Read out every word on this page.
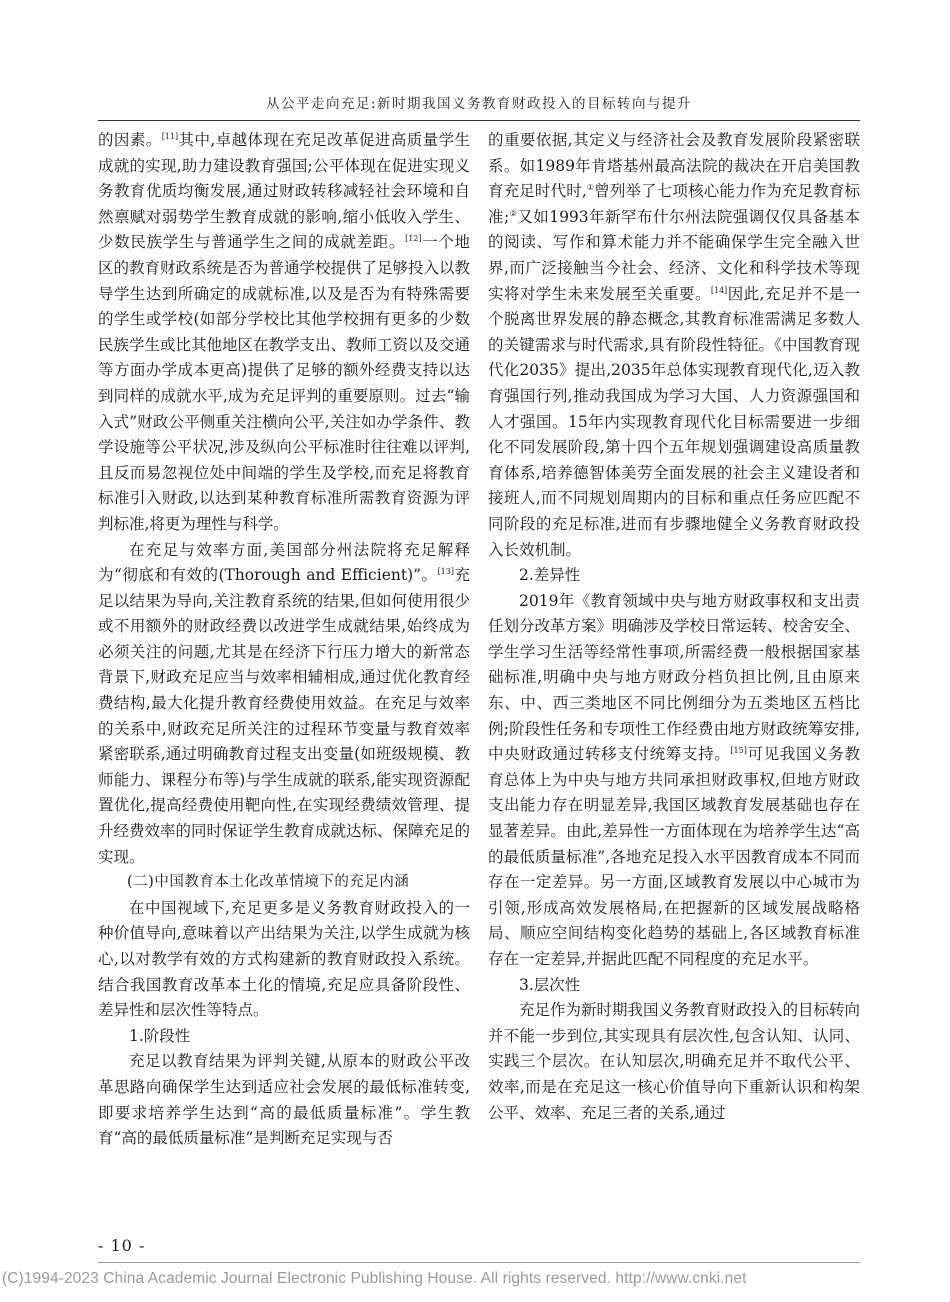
从公平走向充足:新时期我国义务教育财政投入的目标转向与提升

的因素。[11]其中,卓越体现在充足改革促进高质量学生成就的实现,助力建设教育强国;公平体现在促进实现义务教育优质均衡发展,通过财政转移减轻社会环境和自然禀赋对弱势学生教育成就的影响,缩小低收入学生、少数民族学生与普通学生之间的成就差距。[12]一个地区的教育财政系统是否为普通学校提供了足够投入以教导学生达到所确定的成就标准,以及是否为有特殊需要的学生或学校(如部分学校比其他学校拥有更多的少数民族学生或比其他地区在教学支出、教师工资以及交通等方面办学成本更高)提供了足够的额外经费支持以达到同样的成就水平,成为充足评判的重要原则。过去“输入式”财政公平侧重关注横向公平,关注如办学条件、教学设施等公平状况,涉及纵向公平标准时往往难以评判,且反而易忽视位处中间端的学生及学校,而充足将教育标准引入财政,以达到某种教育标准所需教育资源为评判标准,将更为理性与科学。

在充足与效率方面,美国部分州法院将充足解释为“彻底和有效的(Thorough and Efficient)”。[13]充足以结果为导向,关注教育系统的结果,但如何使用很少或不用额外的财政经费以改进学生成就结果,始终成为必须关注的问题,尤其是在经济下行压力增大的新常态背景下,财政充足应当与效率相辅相成,通过优化教育经费结构,最大化提升教育经费使用效益。在充足与效率的关系中,财政充足所关注的过程环节变量与教育效率紧密联系,通过明确教育过程支出变量(如班级规模、教师能力、课程分布等)与学生成就的联系,能实现资源配置优化,提高经费使用靶向性,在实现经费绩效管理、提升经费效率的同时保证学生教育成就达标、保障充足的实现。

(二)中国教育本土化改革情境下的充足内涵

在中国视域下,充足更多是义务教育财政投入的一种价值导向,意味着以产出结果为关注,以学生成就为核心,以对教学有效的方式构建新的教育财政投入系统。结合我国教育改革本土化的情境,充足应具备阶段性、差异性和层次性等特点。

1.阶段性

充足以教育结果为评判关键,从原本的财政公平改革思路向确保学生达到适应社会发展的最低标准转变,即要求培养学生达到“高的最低质量标准”。学生教育“高的最低质量标准”是判断充足实现与否

的重要依据,其定义与经济社会及教育发展阶段紧密联系。如1989年肯塔基州最高法院的裁决在开启美国教育充足时代时,①曾列举了七项核心能力作为充足教育标准;②又如1993年新罕布什尔州法院强调仅仅具备基本的阅读、写作和算术能力并不能确保学生完全融入世界,而广泛接触当今社会、经济、文化和科学技术等现实将对学生未来发展至关重要。[14]因此,充足并不是一个脱离世界发展的静态概念,其教育标准需满足多数人的关键需求与时代需求,具有阶段性特征。《中国教育现代化2035》提出,2035年总体实现教育现代化,迈入教育强国行列,推动我国成为学习大国、人力资源强国和人才强国。15年内实现教育现代化目标需要进一步细化不同发展阶段,第十四个五年规划强调建设高质量教育体系,培养德智体美劳全面发展的社会主义建设者和接班人,而不同规划周期内的目标和重点任务应匹配不同阶段的充足标准,进而有步骤地健全义务教育财政投入长效机制。

2.差异性

2019年《教育领域中央与地方财政事权和支出责任划分改革方案》明确涉及学校日常运转、校舍安全、学生学习生活等经常性事项,所需经费一般根据国家基础标准,明确中央与地方财政分档负担比例,且由原来东、中、西三类地区不同比例细分为五类地区五档比例;阶段性任务和专项性工作经费由地方财政统筹安排,中央财政通过转移支付统筹支持。[15]可见我国义务教育总体上为中央与地方共同承担财政事权,但地方财政支出能力存在明显差异,我国区域教育发展基础也存在显著差异。由此,差异性一方面体现在为培养学生达“高的最低质量标准”,各地充足投入水平因教育成本不同而存在一定差异。另一方面,区域教育发展以中心城市为引领,形成高效发展格局,在把握新的区域发展战略格局、顺应空间结构变化趋势的基础上,各区域教育标准存在一定差异,并据此匹配不同程度的充足水平。

3.层次性

充足作为新时期我国义务教育财政投入的目标转向并不能一步到位,其实现具有层次性,包含认知、认同、实践三个层次。在认知层次,明确充足并不取代公平、效率,而是在充足这一核心价值导向下重新认识和构架公平、效率、充足三者的关系,通过

- 10 -
(C)1994-2023 China Academic Journal Electronic Publishing House. All rights reserved. http://www.cnki.net
